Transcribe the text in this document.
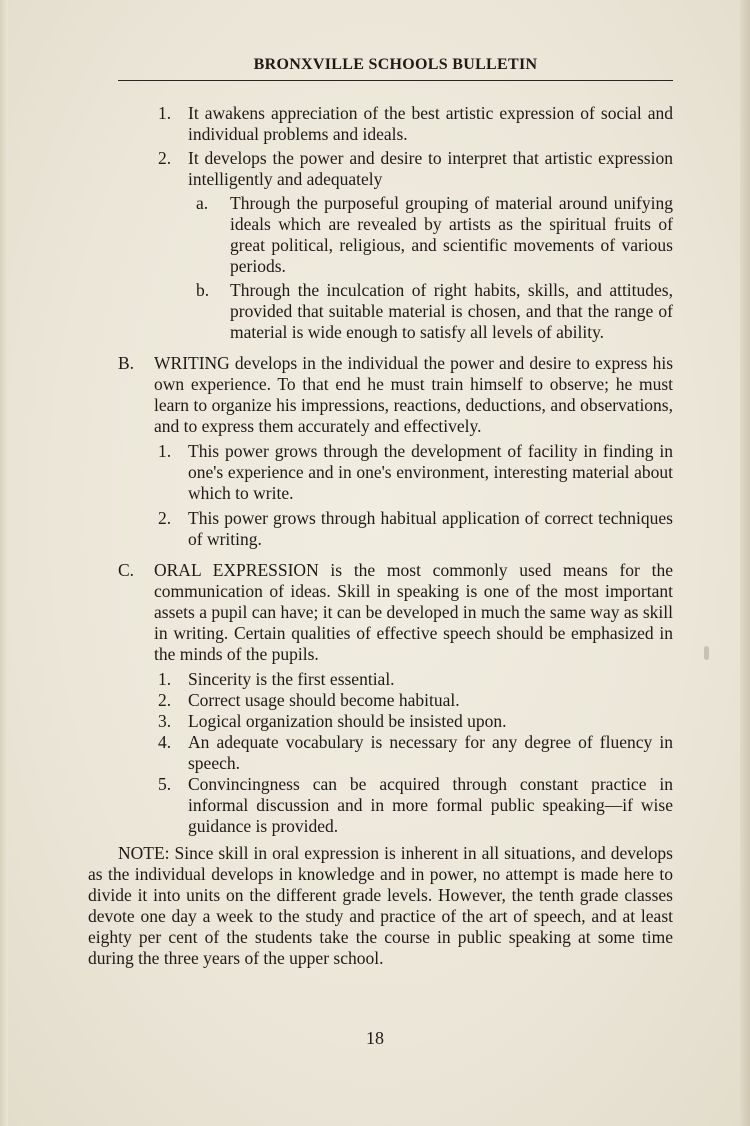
BRONXVILLE SCHOOLS BULLETIN
1. It awakens appreciation of the best artistic expression of social and individual problems and ideals.
2. It develops the power and desire to interpret that artistic expression intelligently and adequately
a. Through the purposeful grouping of material around unifying ideals which are revealed by artists as the spiritual fruits of great political, religious, and scientific movements of various periods.
b. Through the inculcation of right habits, skills, and attitudes, provided that suitable material is chosen, and that the range of material is wide enough to satisfy all levels of ability.
B. WRITING develops in the individual the power and desire to express his own experience. To that end he must train himself to observe; he must learn to organize his impressions, reactions, deductions, and observations, and to express them accurately and effectively.
1. This power grows through the development of facility in finding in one's experience and in one's environment, interesting material about which to write.
2. This power grows through habitual application of correct techniques of writing.
C. ORAL EXPRESSION is the most commonly used means for the communication of ideas. Skill in speaking is one of the most important assets a pupil can have; it can be developed in much the same way as skill in writing. Certain qualities of effective speech should be emphasized in the minds of the pupils.
1. Sincerity is the first essential.
2. Correct usage should become habitual.
3. Logical organization should be insisted upon.
4. An adequate vocabulary is necessary for any degree of fluency in speech.
5. Convincingness can be acquired through constant practice in informal discussion and in more formal public speaking—if wise guidance is provided.
NOTE: Since skill in oral expression is inherent in all situations, and develops as the individual develops in knowledge and in power, no attempt is made here to divide it into units on the different grade levels. However, the tenth grade classes devote one day a week to the study and practice of the art of speech, and at least eighty per cent of the students take the course in public speaking at some time during the three years of the upper school.
18
